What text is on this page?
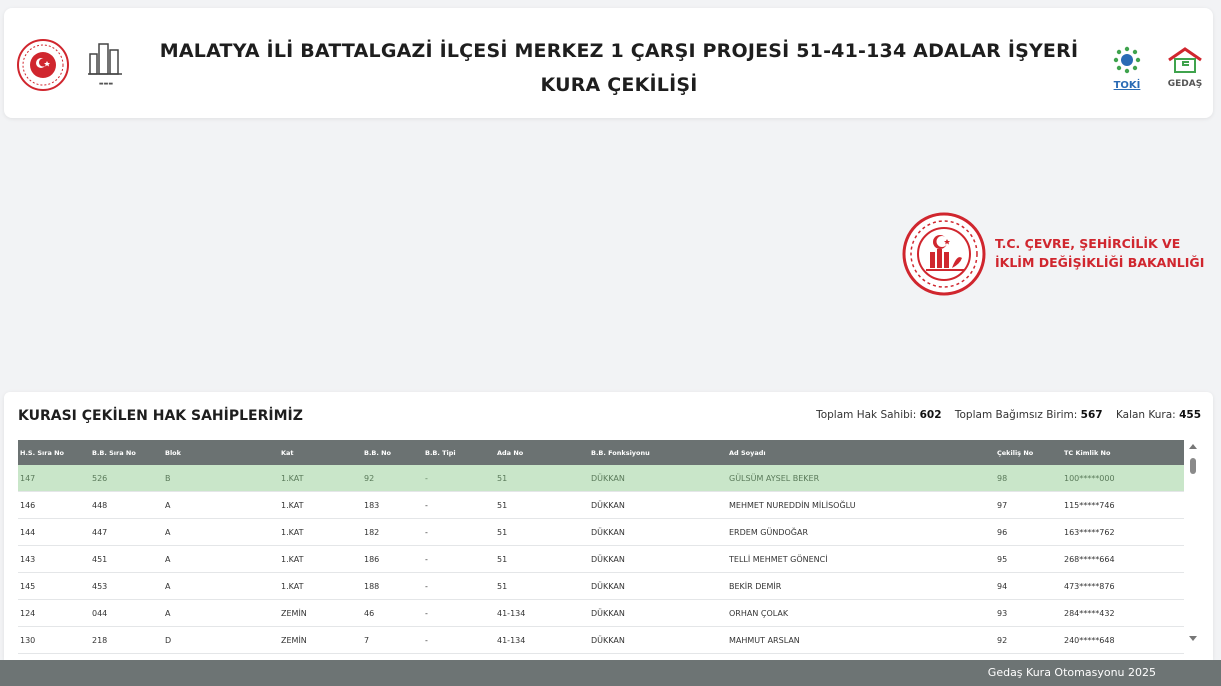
▬▬▬
MALATYA İLİ BATTALGAZİ İLÇESİ MERKEZ 1 ÇARŞI PROJESİ 51-41-134 ADALAR İŞYERİ
KURA ÇEKİLİŞİ	TOKİ	GEDAŞ
T.C. ÇEVRE, ŞEHİRCİLİK VE
İKLİM DEĞİŞİKLİĞİ BAKANLIĞI
KURASI ÇEKİLEN HAK SAHİPLERİMİZ	Toplam Hak Sahibi: 602 Toplam Bağımsız Birim: 567 Kalan Kura: 455
H.S. Sıra No	B.B. Sıra No	Blok	Kat	B.B. No	B.B. Tipi	Ada No	B.B. Fonksiyonu	Ad Soyadı	Çekiliş No	TC Kimlik No
147	526	B	1.KAT	92	-	51	DÜKKAN	GÜLSÜM AYSEL BEKER	98	100*****000
146	448	A	1.KAT	183	-	51	DÜKKAN	MEHMET NUREDDİN MİLİSOĞLU	97	115*****746
144	447	A	1.KAT	182	-	51	DÜKKAN	ERDEM GÜNDOĞAR	96	163*****762
143	451	A	1.KAT	186	-	51	DÜKKAN	TELLİ MEHMET GÖNENCİ	95	268*****664
145	453	A	1.KAT	188	-	51	DÜKKAN	BEKİR DEMİR	94	473*****876
124	044	A	ZEMİN	46	-	41-134	DÜKKAN	ORHAN ÇOLAK	93	284*****432
130	218	D	ZEMİN	7	-	41-134	DÜKKAN	MAHMUT ARSLAN	92	240*****648
Gedaş Kura Otomasyonu 2025
